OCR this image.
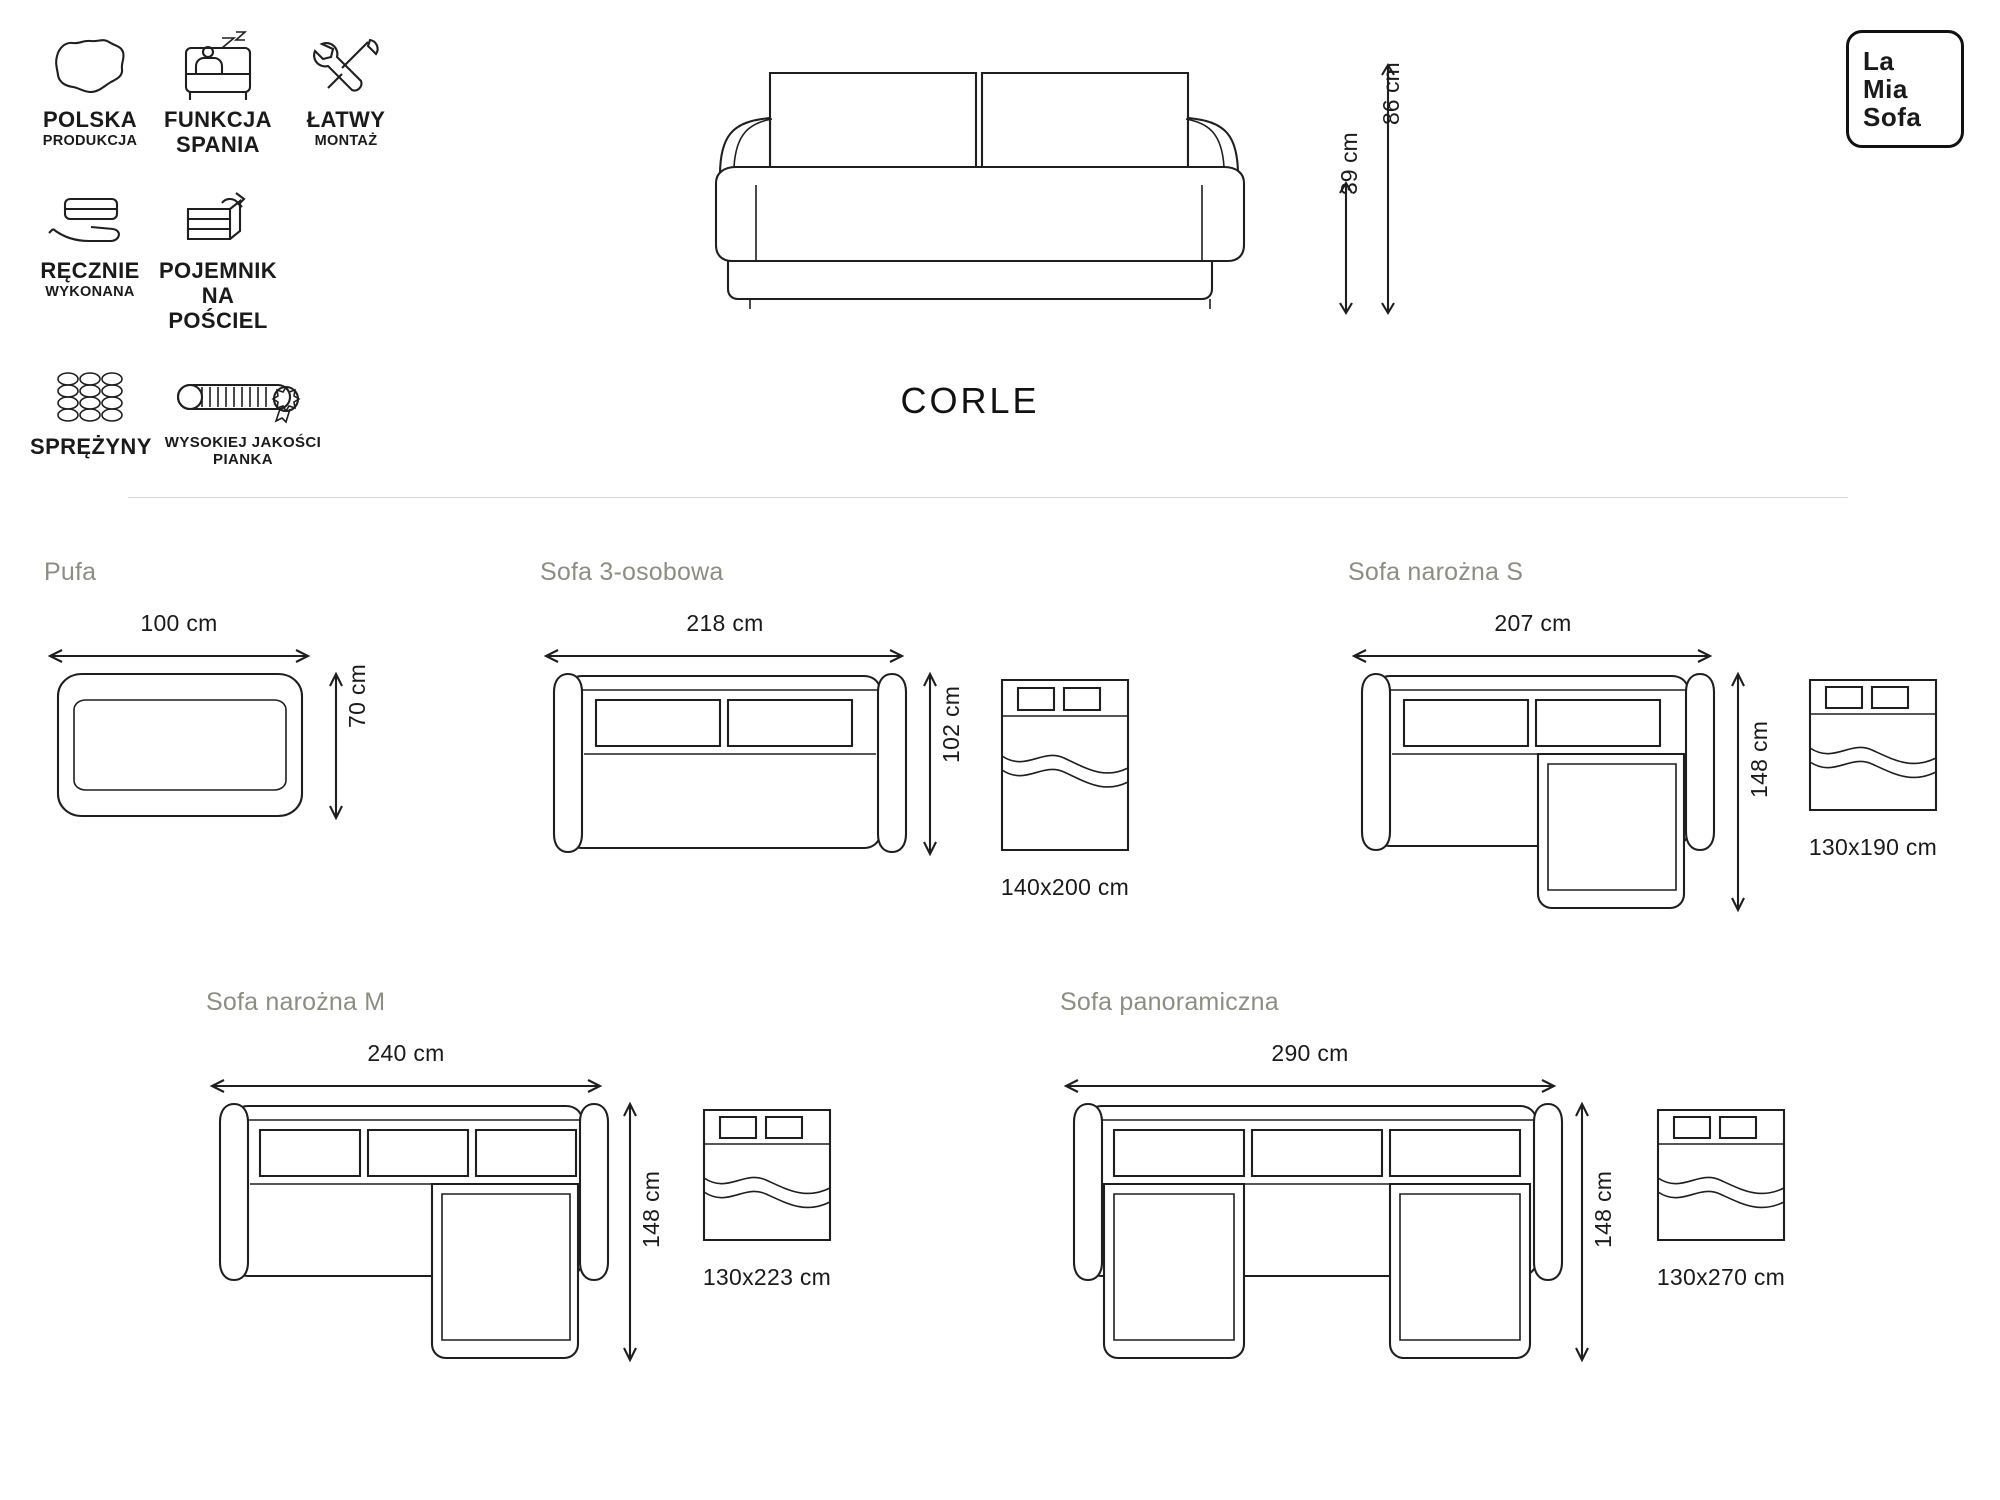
POLSKA
PRODUKCJA
FUNKCJA
SPANIA
ŁATWY
MONTAŻ
RĘCZNIE
WYKONANA
POJEMNIK
NA POŚCIEL
SPRĘŻYNY WYSOKIEJ JAKOŚCI PIANKA
La
Mia
Sofa
CORLE
86 cm
39 cm
Pufa
100 cm
70 cm
Sofa 3-osobowa
218 cm
102 cm
140x200 cm
Sofa narożna S
207 cm
148 cm
130x190 cm
Sofa narożna M
240 cm
148 cm
130x223 cm
Sofa panoramiczna
290 cm
148 cm
130x270 cm
